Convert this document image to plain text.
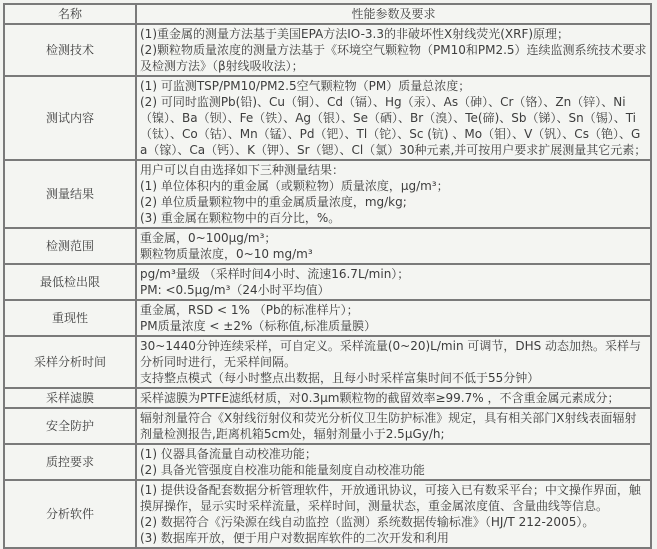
名称	性能参数及要求
检测技术	(1)重金属的测量方法基于美国EPA方法IO-3.3的非破坏性X射线荧光(XRF)原理；
(2)颗粒物质量浓度的测量方法基于《环境空气颗粒物（PM10和PM2.5）连续监测系统技术要求及检测方法》（β射线吸收法）；

测试内容	(1) 可监测TSP/PM10/PM2.5空气颗粒物（PM）质量总浓度；
(2) 可同时监测Pb(铅)、Cu（铜）、Cd（镉）、Hg（汞）、As（砷）、Cr（铬）、Zn（锌）、Ni（镍）、Ba（钡）、Fe（铁）、Ag（银）、Se（硒）、Br（溴）、Te(碲)、Sb（锑）、Sn（锡）、Ti（钛）、Co（钴）、Mn（锰）、Pd（钯）、Tl（铊）、Sc (钪) 、Mo（钼）、V（钒）、Cs（铯）、Ga（镓）、Ca（钙）、K（钾）、Sr（锶）、Cl（氯）30种元素,并可按用户要求扩展测量其它元素；

测量结果	用户可以自由选择如下三种测量结果：
(1) 单位体积内的重金属（或颗粒物）质量浓度，μg/m³；
(2) 单位质量颗粒物中的重金属质量浓度，mg/kg;
(3) 重金属在颗粒物中的百分比，%。

检测范围	重金属，0~100μg/m³；
颗粒物质量浓度，0~10 mg/m³

最低检出限	pg/m³量级 （采样时间4小时、流速16.7L/min）；
PM: <0.5μg/m³（24小时平均值）

重现性	重金属，RSD < 1% （Pb的标准样片）；
PM质量浓度 < ±2%（标称值,标准质量膜）

采样分析时间	30~1440分钟连续采样，可自定义。采样流量(0~20)L/min 可调节，DHS 动态加热。采样与分析同时进行，无采样间隔。
支持整点模式（每小时整点出数据，且每小时采样富集时间不低于55分钟）

采样滤膜	采样滤膜为PTFE滤纸材质，对0.3μm颗粒物的截留效率≥99.7% ，不含重金属元素成分；

安全防护	辐射剂量符合《X射线衍射仪和荧光分析仪卫生防护标准》规定，具有相关部门X射线表面辐射剂量检测报告,距离机箱5cm处，辐射剂量小于2.5μGy/h;

质控要求	(1) 仪器具备流量自动校准功能；
(2) 具备光管强度自校准功能和能量刻度自动校准功能

分析软件	(1) 提供设备配套数据分析管理软件，开放通讯协议，可接入已有数采平台；中文操作界面，触摸屏操作，显示实时采样流量，采样时间，测量状态，重金属浓度值、含量曲线等信息。
(2) 数据符合《污染源在线自动监控（监测）系统数据传输标准》（HJ/T 212-2005）。
(3) 数据库开放，便于用户对数据库软件的二次开发和利用
